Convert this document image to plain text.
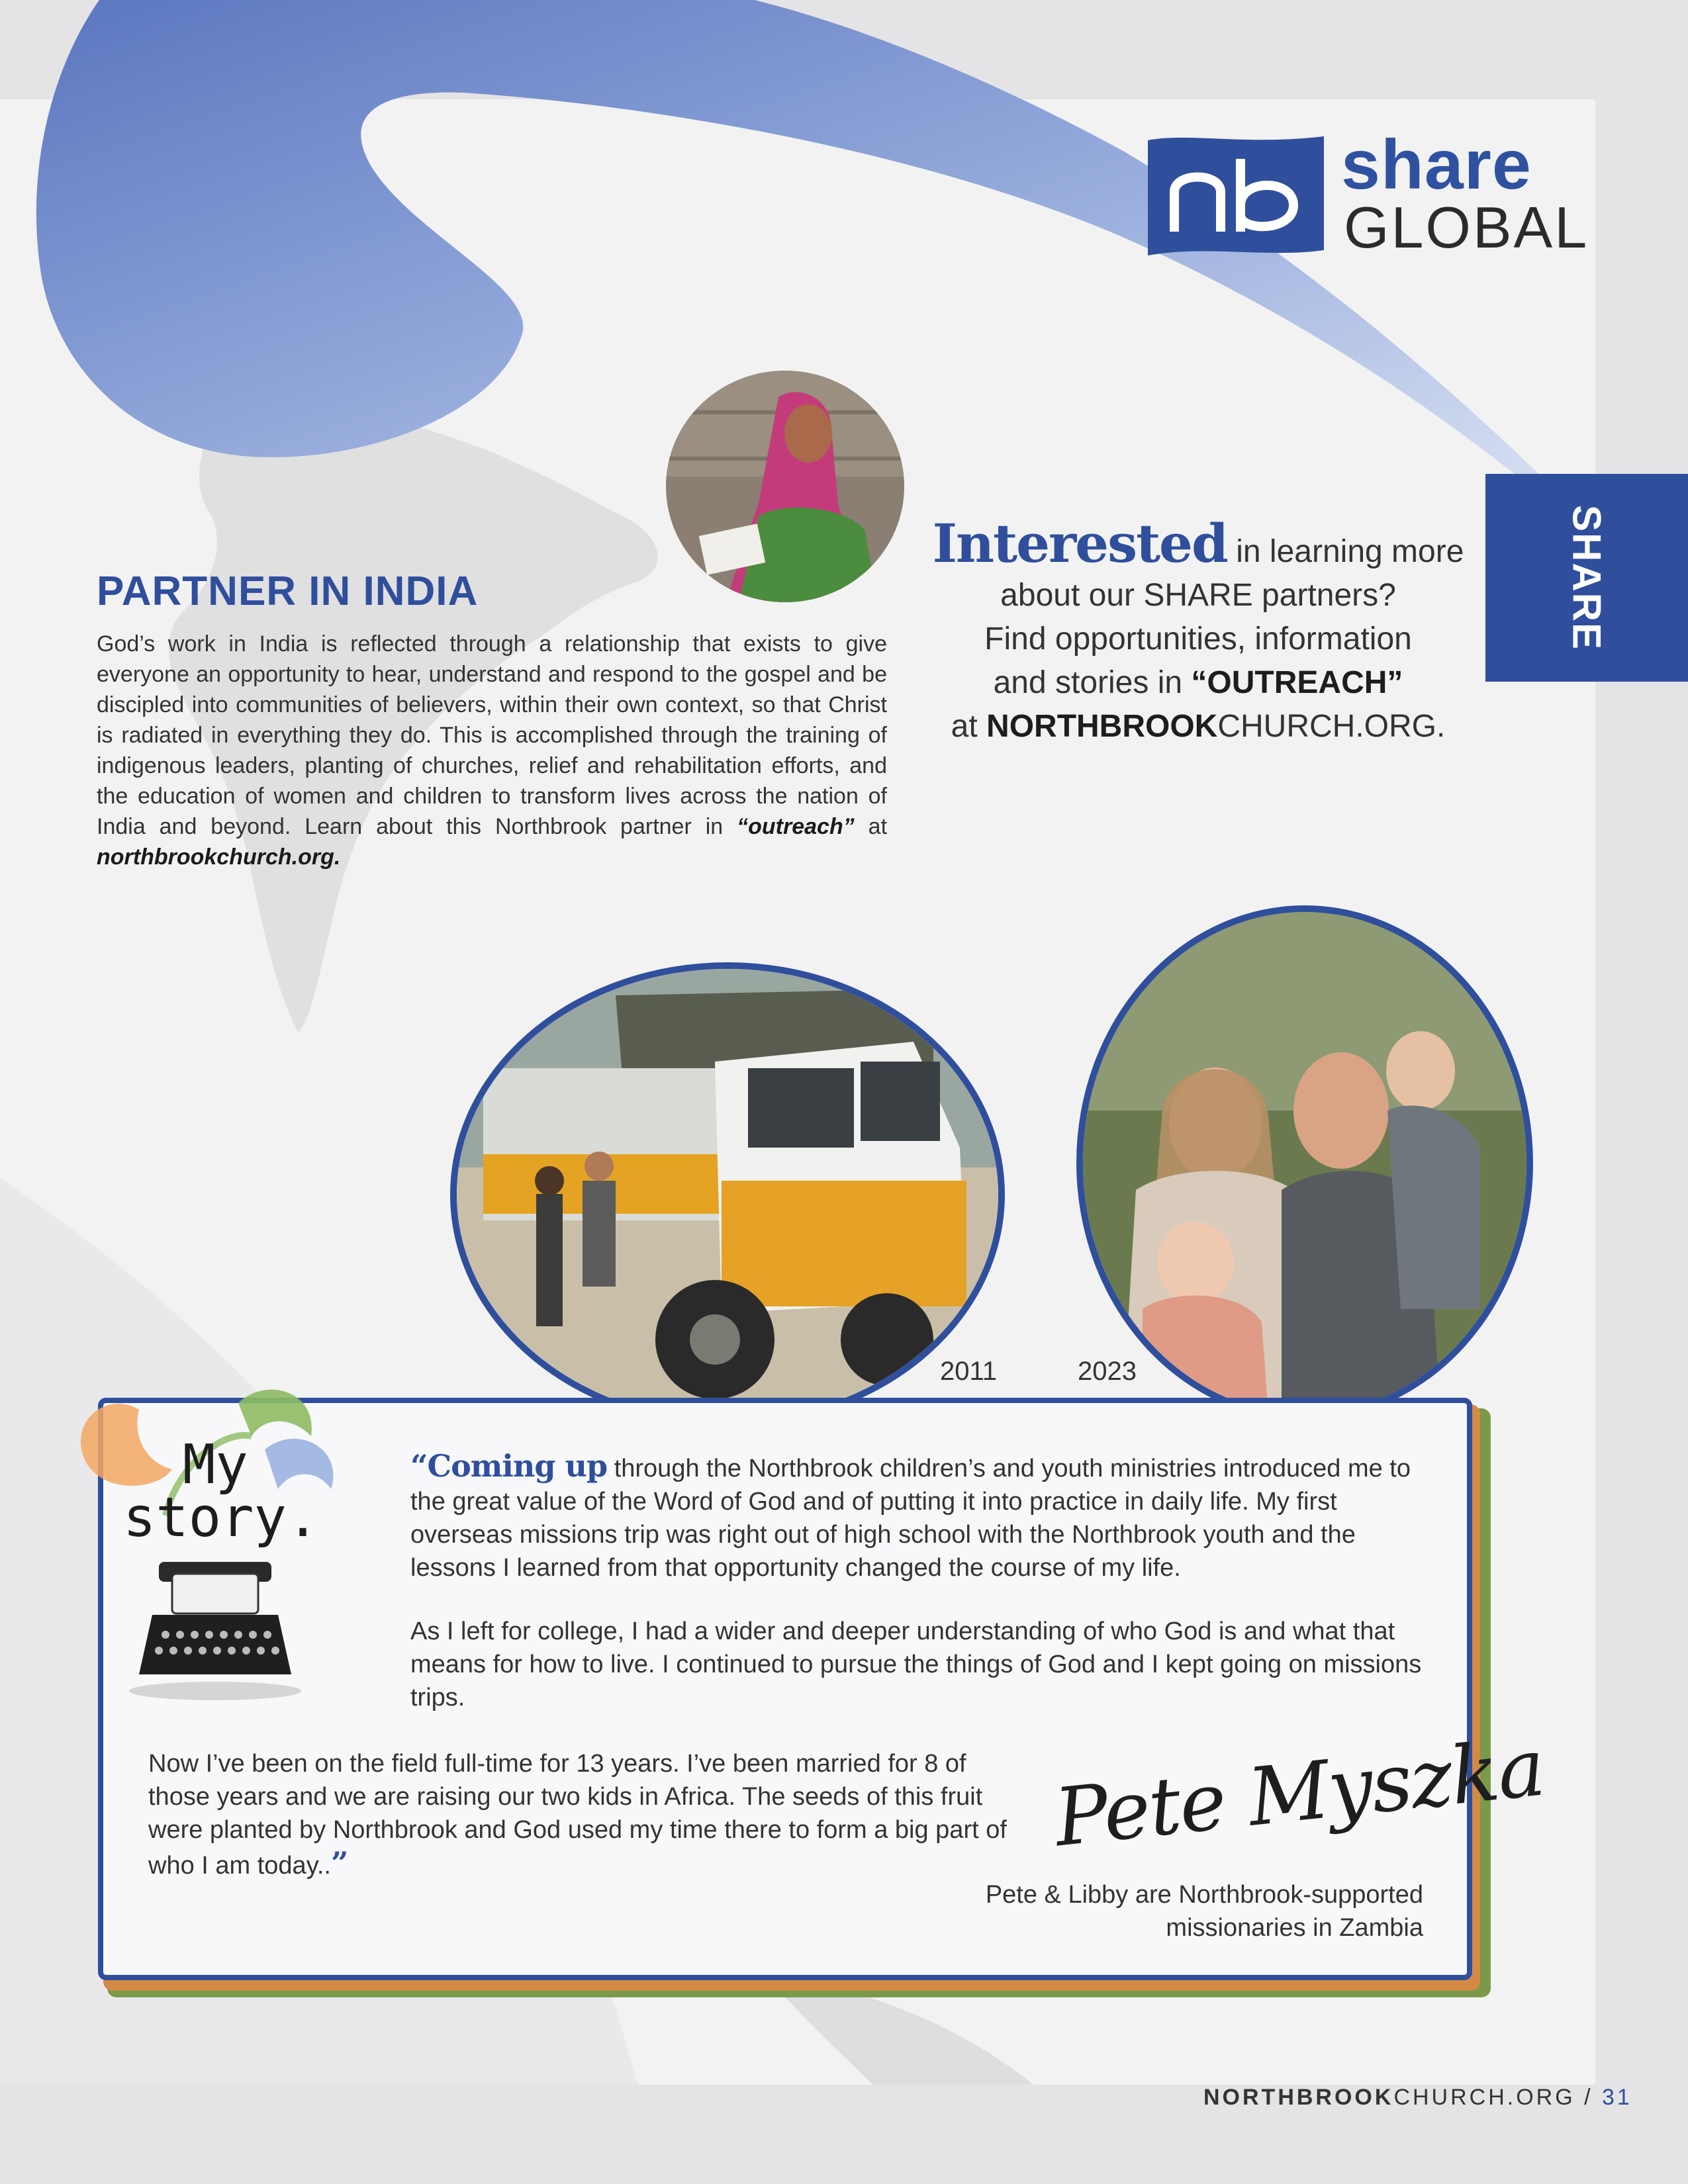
share
GLOBAL
SHARE
PARTNER IN INDIA
God’s work in India is reflected through a relationship that exists to give everyone an opportunity to hear, understand and respond to the gospel and be discipled into communities of believers, within their own context, so that Christ is radiated in everything they do. This is accomplished through the training of indigenous leaders, planting of churches, relief and rehabilitation efforts, and the education of women and children to transform lives across the nation of India and beyond. Learn about this Northbrook partner in “outreach” at northbrookchurch.org.
Interested in learning more
about our SHARE partners?
Find opportunities, information
and stories in “OUTREACH”
at NORTHBROOKCHURCH.ORG.
2011	2023
My
story.
“Coming up through the Northbrook children’s and youth ministries introduced me to the great value of the Word of God and of putting it into practice in daily life. My first overseas missions trip was right out of high school with the Northbrook youth and the lessons I learned from that opportunity changed the course of my life.
As I left for college, I had a wider and deeper understanding of who God is and what that means for how to live. I continued to pursue the things of God and I kept going on missions trips.
Now I’ve been on the field full-time for 13 years. I’ve been married for 8 of those years and we are raising our two kids in Africa. The seeds of this fruit were planted by Northbrook and God used my time there to form a big part of who I am today..”	Pete Myszka
Pete & Libby are Northbrook-supported
missionaries in Zambia
NORTHBROOKCHURCH.ORG / 31
